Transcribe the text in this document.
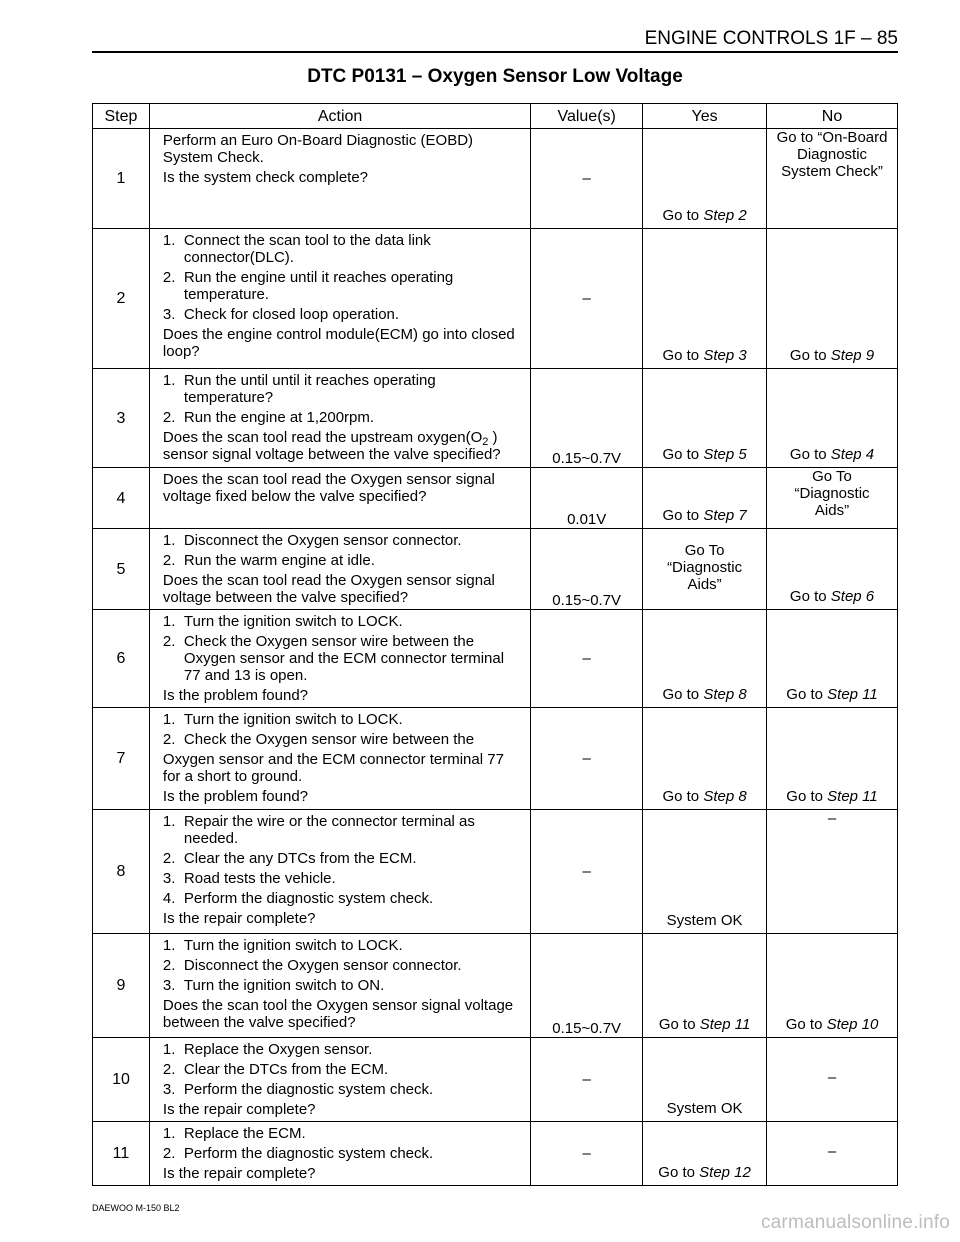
ENGINE CONTROLS 1F – 85
DTC P0131 – Oxygen Sensor Low Voltage
Step	Action	Value(s)	Yes	No
1	Perform an Euro On-Board Diagnostic (EOBD) System Check.
Is the system check complete?	–	Go to Step 2	Go to “On-Board Diagnostic System Check”
2	1. Connect the scan tool to the data link connector(DLC).
2. Run the engine until it reaches operating temperature.
3. Check for closed loop operation.
Does the engine control module(ECM) go into closed loop?	–	Go to Step 3	Go to Step 9
3	1. Run the until until it reaches operating temperature?
2. Run the engine at 1,200rpm.
Does the scan tool read the upstream $oxygen(O_2$ ) sensor signal voltage between the valve specified?	0.15~0.7V	Go to Step 5	Go to Step 4
4	Does the scan tool read the Oxygen sensor signal voltage fixed below the valve specified?	0.01V	Go to Step 7	Go To “Diagnostic Aids”
5	1. Disconnect the Oxygen sensor connector.
2. Run the warm engine at idle.
Does the scan tool read the Oxygen sensor signal voltage between the valve specified?	0.15~0.7V	Go To “Diagnostic Aids”	Go to Step 6
6	1. Turn the ignition switch to LOCK.
2. Check the Oxygen sensor wire between the Oxygen sensor and the ECM connector terminal 77 and 13 is open.
Is the problem found?	–	Go to Step 8	Go to Step 11
7	1. Turn the ignition switch to LOCK.
2. Check the Oxygen sensor wire between the
Oxygen sensor and the ECM connector terminal 77 for a short to ground.
Is the problem found?	–	Go to Step 8	Go to Step 11
8	1. Repair the wire or the connector terminal as needed.
2. Clear the any DTCs from the ECM.
3. Road tests the vehicle.
4. Perform the diagnostic system check.
Is the repair complete?	–	System OK	–
9	1. Turn the ignition switch to LOCK.
2. Disconnect the Oxygen sensor connector.
3. Turn the ignition switch to ON.
Does the scan tool the Oxygen sensor signal voltage between the valve specified?	0.15~0.7V	Go to Step 11	Go to Step 10
10	1. Replace the Oxygen sensor.
2. Clear the DTCs from the ECM.
3. Perform the diagnostic system check.
Is the repair complete?	–	System OK	–
11	1. Replace the ECM.
2. Perform the diagnostic system check.
Is the repair complete?	–	Go to Step 12	–
DAEWOO M-150 BL2
carmanualsonline.info
